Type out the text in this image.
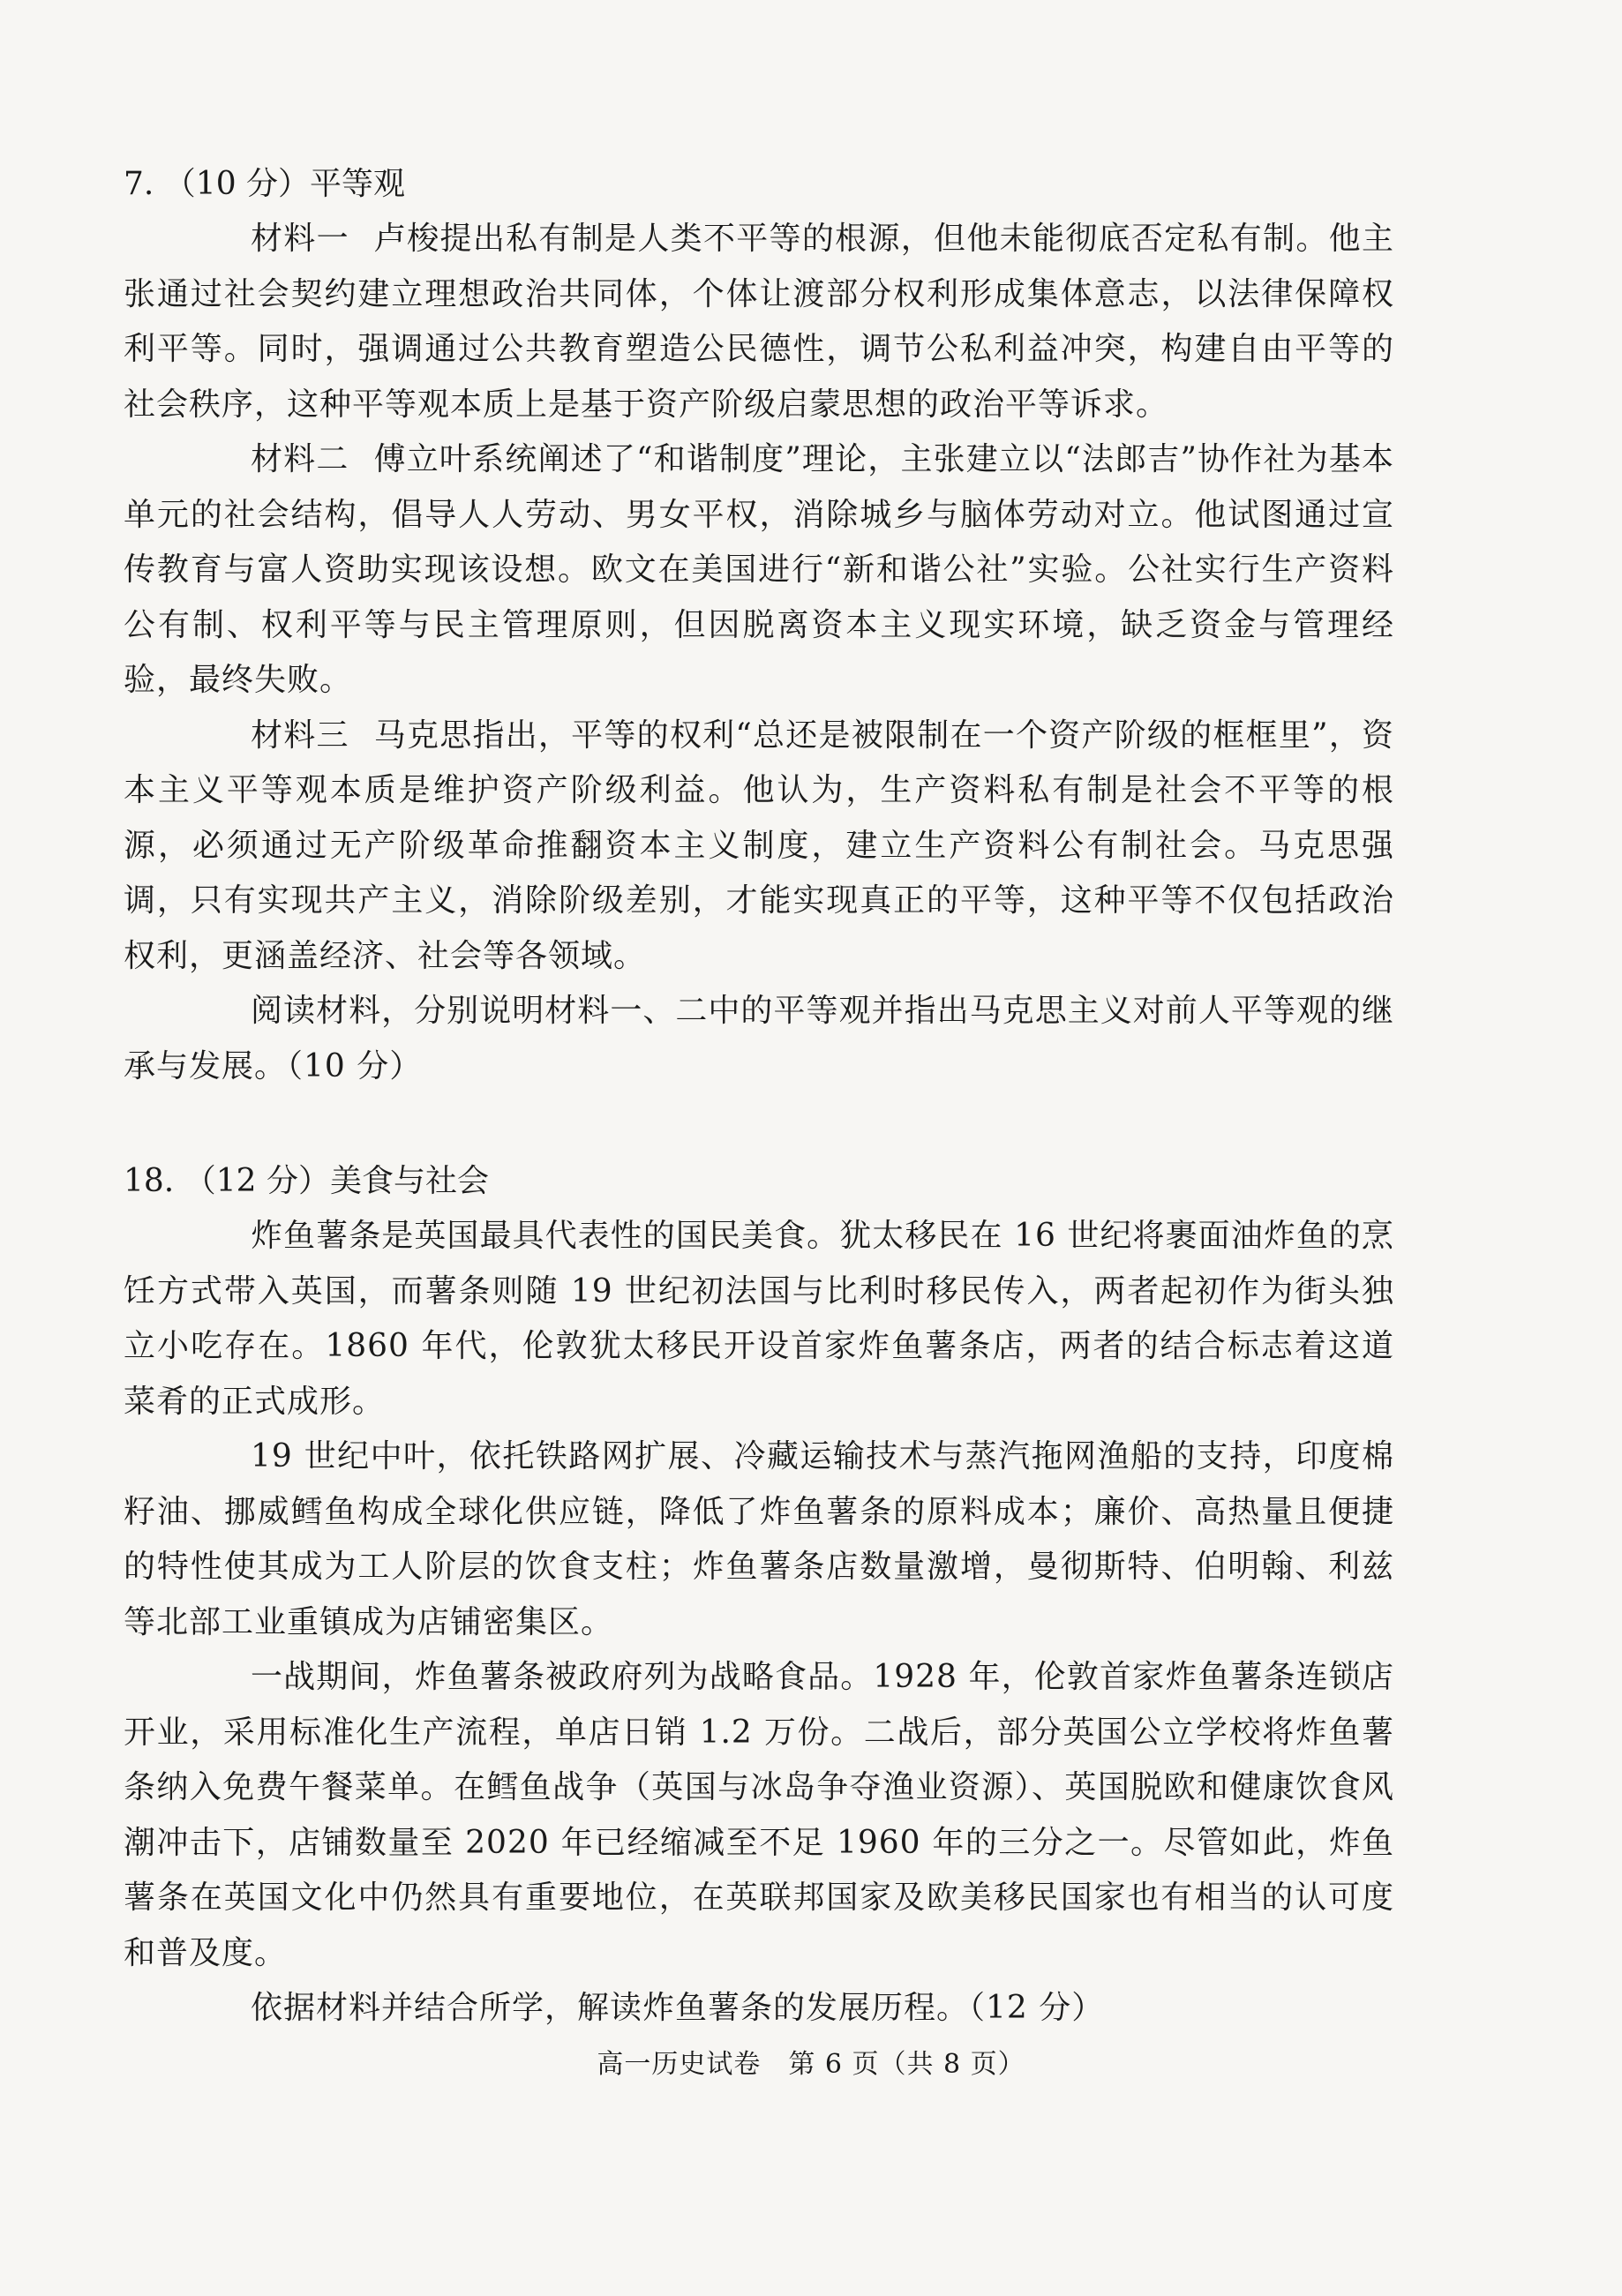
7. （10 分）平等观

材料一 卢梭提出私有制是人类不平等的根源，但他未能彻底否定私有制。他主张通过社会契约建立理想政治共同体，个体让渡部分权利形成集体意志，以法律保障权利平等。同时，强调通过公共教育塑造公民德性，调节公私利益冲突，构建自由平等的社会秩序，这种平等观本质上是基于资产阶级启蒙思想的政治平等诉求。

材料二 傅立叶系统阐述了“和谐制度”理论，主张建立以“法郎吉”协作社为基本单元的社会结构，倡导人人劳动、男女平权，消除城乡与脑体劳动对立。他试图通过宣传教育与富人资助实现该设想。欧文在美国进行“新和谐公社”实验。公社实行生产资料公有制、权利平等与民主管理原则，但因脱离资本主义现实环境，缺乏资金与管理经验，最终失败。

材料三 马克思指出，平等的权利“总还是被限制在一个资产阶级的框框里”，资本主义平等观本质是维护资产阶级利益。他认为，生产资料私有制是社会不平等的根源，必须通过无产阶级革命推翻资本主义制度，建立生产资料公有制社会。马克思强调，只有实现共产主义，消除阶级差别，才能实现真正的平等，这种平等不仅包括政治权利，更涵盖经济、社会等各领域。

阅读材料，分别说明材料一、二中的平等观并指出马克思主义对前人平等观的继承与发展。（10 分）

18. （12 分）美食与社会

炸鱼薯条是英国最具代表性的国民美食。犹太移民在 16 世纪将裹面油炸鱼的烹饪方式带入英国，而薯条则随 19 世纪初法国与比利时移民传入，两者起初作为街头独立小吃存在。1860 年代，伦敦犹太移民开设首家炸鱼薯条店，两者的结合标志着这道菜肴的正式成形。

19 世纪中叶，依托铁路网扩展、冷藏运输技术与蒸汽拖网渔船的支持，印度棉籽油、挪威鳕鱼构成全球化供应链，降低了炸鱼薯条的原料成本；廉价、高热量且便捷的特性使其成为工人阶层的饮食支柱；炸鱼薯条店数量激增，曼彻斯特、伯明翰、利兹等北部工业重镇成为店铺密集区。

一战期间，炸鱼薯条被政府列为战略食品。1928 年，伦敦首家炸鱼薯条连锁店开业，采用标准化生产流程，单店日销 1.2 万份。二战后，部分英国公立学校将炸鱼薯条纳入免费午餐菜单。在鳕鱼战争（英国与冰岛争夺渔业资源）、英国脱欧和健康饮食风潮冲击下，店铺数量至 2020 年已经缩减至不足 1960 年的三分之一。尽管如此，炸鱼薯条在英国文化中仍然具有重要地位，在英联邦国家及欧美移民国家也有相当的认可度和普及度。

依据材料并结合所学，解读炸鱼薯条的发展历程。（12 分）

高一历史试卷　第 6 页（共 8 页）
